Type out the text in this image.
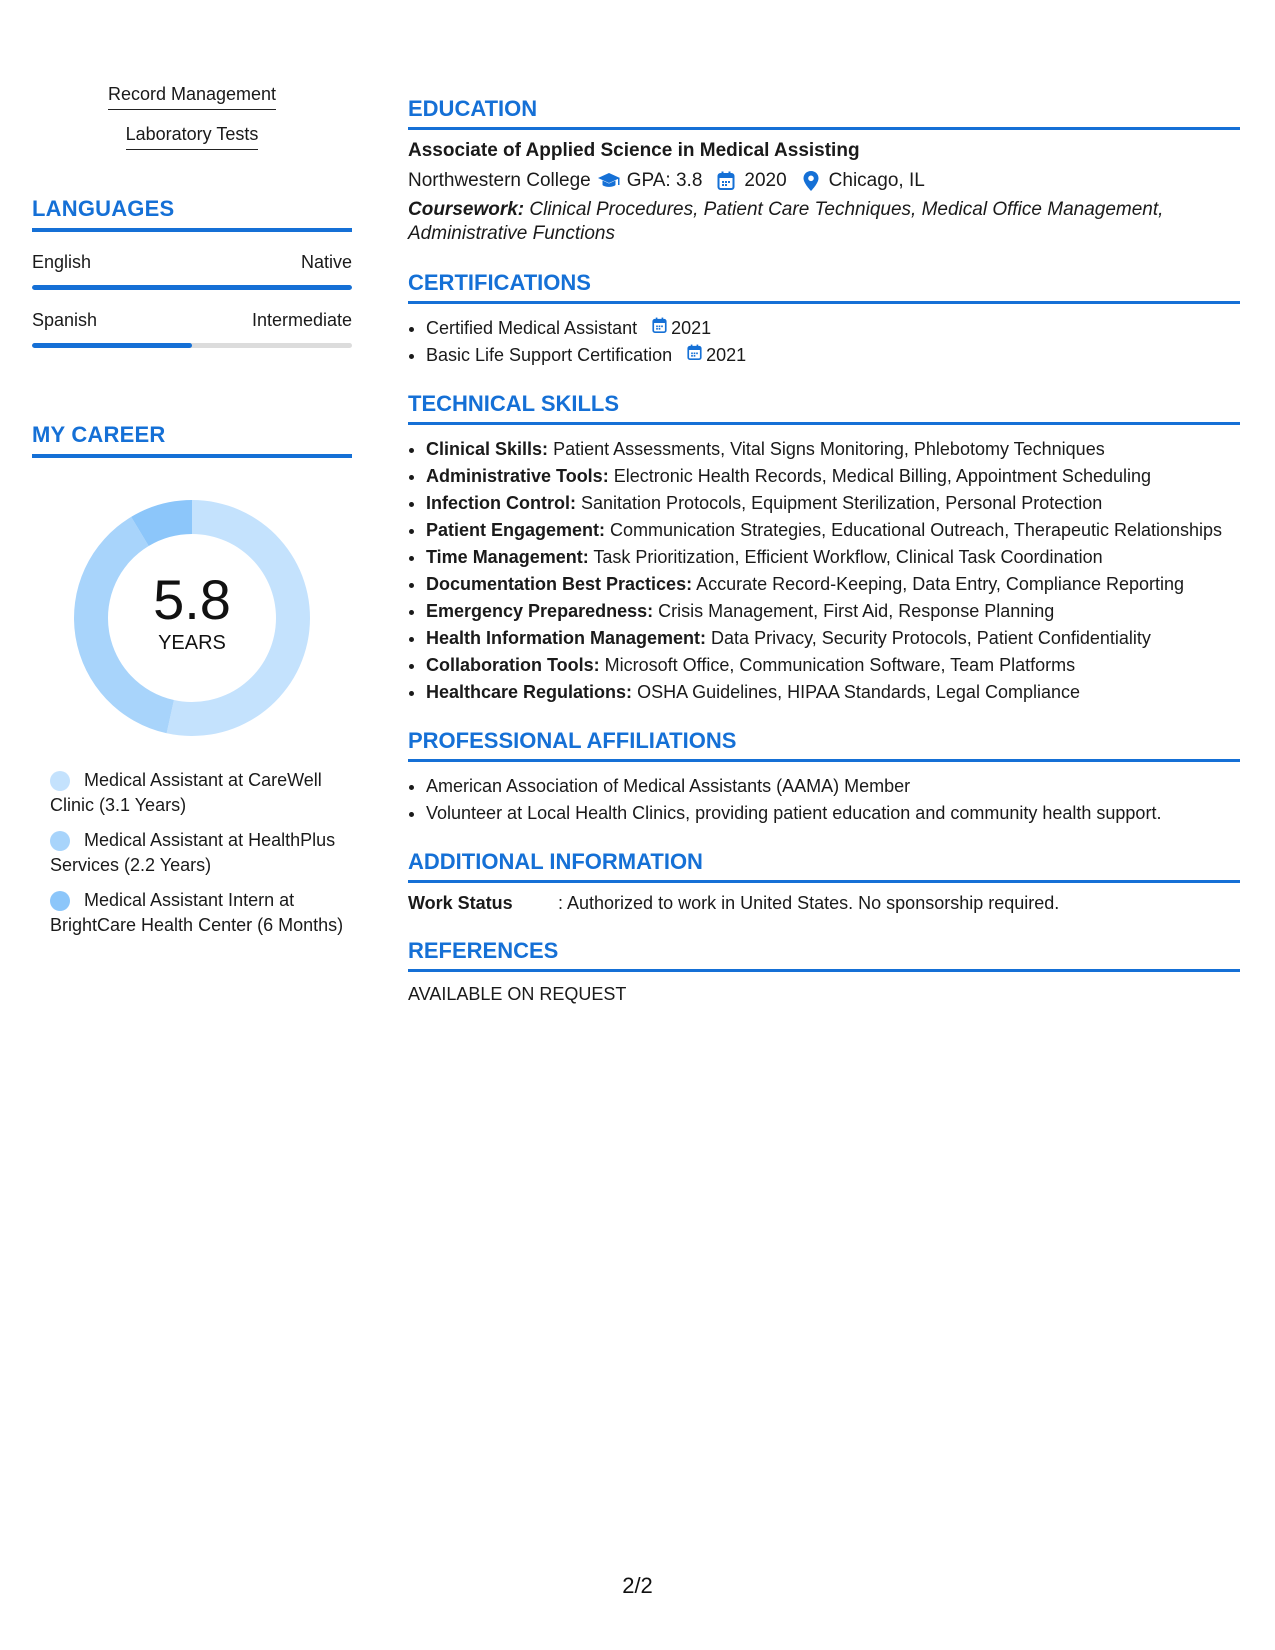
Record Management
Laboratory Tests
LANGUAGES
English	Native
Spanish	Intermediate
MY CAREER
5.8
YEARS
Medical Assistant at CareWell Clinic (3.1 Years)
Medical Assistant at HealthPlus Services (2.2 Years)
Medical Assistant Intern at BrightCare Health Center (6 Months)
EDUCATION
Associate of Applied Science in Medical Assisting
Northwestern College GPA: 3.8 2020 Chicago, IL
Coursework: Clinical Procedures, Patient Care Techniques, Medical Office Management, Administrative Functions
CERTIFICATIONS
• Certified Medical Assistant 2021
• Basic Life Support Certification 2021
TECHNICAL SKILLS
• Clinical Skills: Patient Assessments, Vital Signs Monitoring, Phlebotomy Techniques
• Administrative Tools: Electronic Health Records, Medical Billing, Appointment Scheduling
• Infection Control: Sanitation Protocols, Equipment Sterilization, Personal Protection
• Patient Engagement: Communication Strategies, Educational Outreach, Therapeutic Relationships
• Time Management: Task Prioritization, Efficient Workflow, Clinical Task Coordination
• Documentation Best Practices: Accurate Record-Keeping, Data Entry, Compliance Reporting
• Emergency Preparedness: Crisis Management, First Aid, Response Planning
• Health Information Management: Data Privacy, Security Protocols, Patient Confidentiality
• Collaboration Tools: Microsoft Office, Communication Software, Team Platforms
• Healthcare Regulations: OSHA Guidelines, HIPAA Standards, Legal Compliance
PROFESSIONAL AFFILIATIONS
• American Association of Medical Assistants (AAMA) Member
• Volunteer at Local Health Clinics, providing patient education and community health support.
ADDITIONAL INFORMATION
Work Status	: Authorized to work in United States. No sponsorship required.
REFERENCES
AVAILABLE ON REQUEST
2/2
